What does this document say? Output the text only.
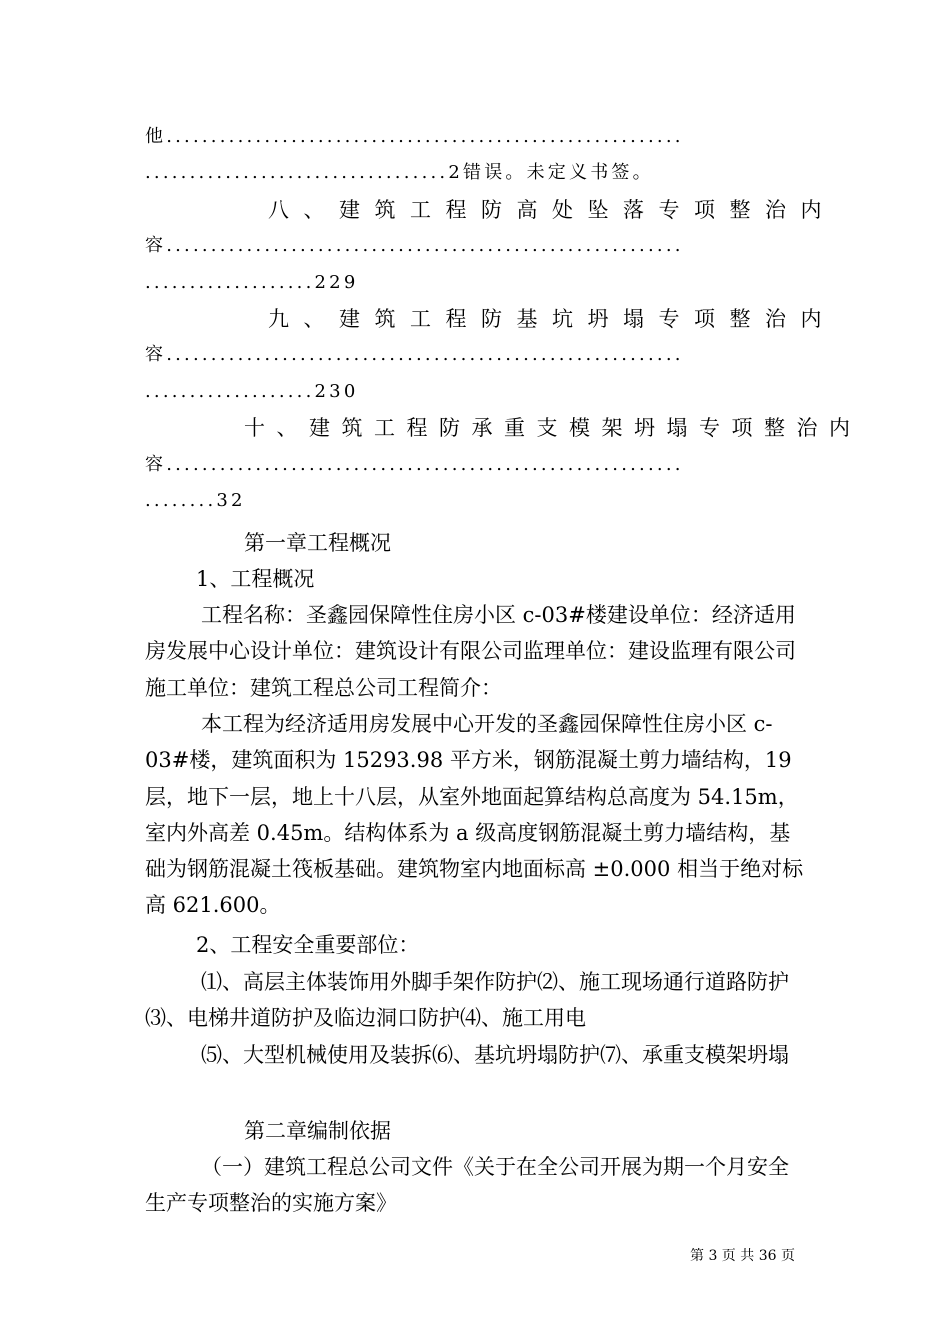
他..........................................................
..................................2错误。未定义书签。
八、建筑工程防高处坠落专项整治内
容..........................................................
...................229
九、建筑工程防基坑坍塌专项整治内
容..........................................................
...................230
十、建筑工程防承重支模架坍塌专项整治内
容..........................................................
........32
第一章工程概况
1、工程概况
工程名称：圣鑫园保障性住房小区 c-03#楼建设单位：经济适用房发展中心设计单位：建筑设计有限公司监理单位：建设监理有限公司施工单位：建筑工程总公司工程简介：
本工程为经济适用房发展中心开发的圣鑫园保障性住房小区 c-03#楼，建筑面积为 15293.98 平方米，钢筋混凝土剪力墙结构，19 层，地下一层，地上十八层，从室外地面起算结构总高度为 54.15m，室内外高差 0.45m。结构体系为 a 级高度钢筋混凝土剪力墙结构，基础为钢筋混凝土筏板基础。建筑物室内地面标高 ±0.000 相当于绝对标高 621.600。
2、工程安全重要部位：
⑴、高层主体装饰用外脚手架作防护⑵、施工现场通行道路防护⑶、电梯井道防护及临边洞口防护⑷、施工用电
⑸、大型机械使用及装拆⑹、基坑坍塌防护⑺、承重支模架坍塌
第二章编制依据
（一）建筑工程总公司文件《关于在全公司开展为期一个月安全生产专项整治的实施方案》
第 3 页 共 36 页
